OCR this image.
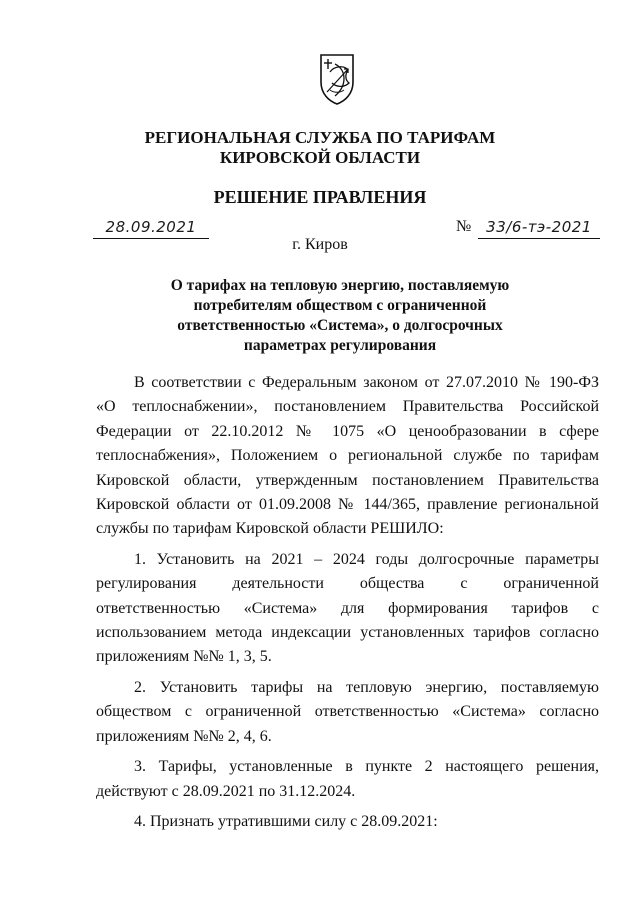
РЕГИОНАЛЬНАЯ СЛУЖБА ПО ТАРИФАМ
КИРОВСКОЙ ОБЛАСТИ
РЕШЕНИЕ ПРАВЛЕНИЯ
28.09.2021	№ 33/6-тэ-2021
г. Киров
О тарифах на тепловую энергию, поставляемую потребителям обществом с ограниченной ответственностью «Система», о долгосрочных параметрах регулирования

В соответствии с Федеральным законом от 27.07.2010 № 190-ФЗ «О теплоснабжении», постановлением Правительства Российской Федерации от 22.10.2012 № 1075 «О ценообразовании в сфере теплоснабжения», Положением о региональной службе по тарифам Кировской области, утвержденным постановлением Правительства Кировской области от 01.09.2008 № 144/365, правление региональной службы по тарифам Кировской области РЕШИЛО:

1. Установить на 2021 – 2024 годы долгосрочные параметры регулирования деятельности общества с ограниченной ответственностью «Система» для формирования тарифов с использованием метода индексации установленных тарифов согласно приложениям №№ 1, 3, 5.

2. Установить тарифы на тепловую энергию, поставляемую обществом с ограниченной ответственностью «Система» согласно приложениям №№ 2, 4, 6.

3. Тарифы, установленные в пункте 2 настоящего решения, действуют с 28.09.2021 по 31.12.2024.

4. Признать утратившими силу с 28.09.2021:
